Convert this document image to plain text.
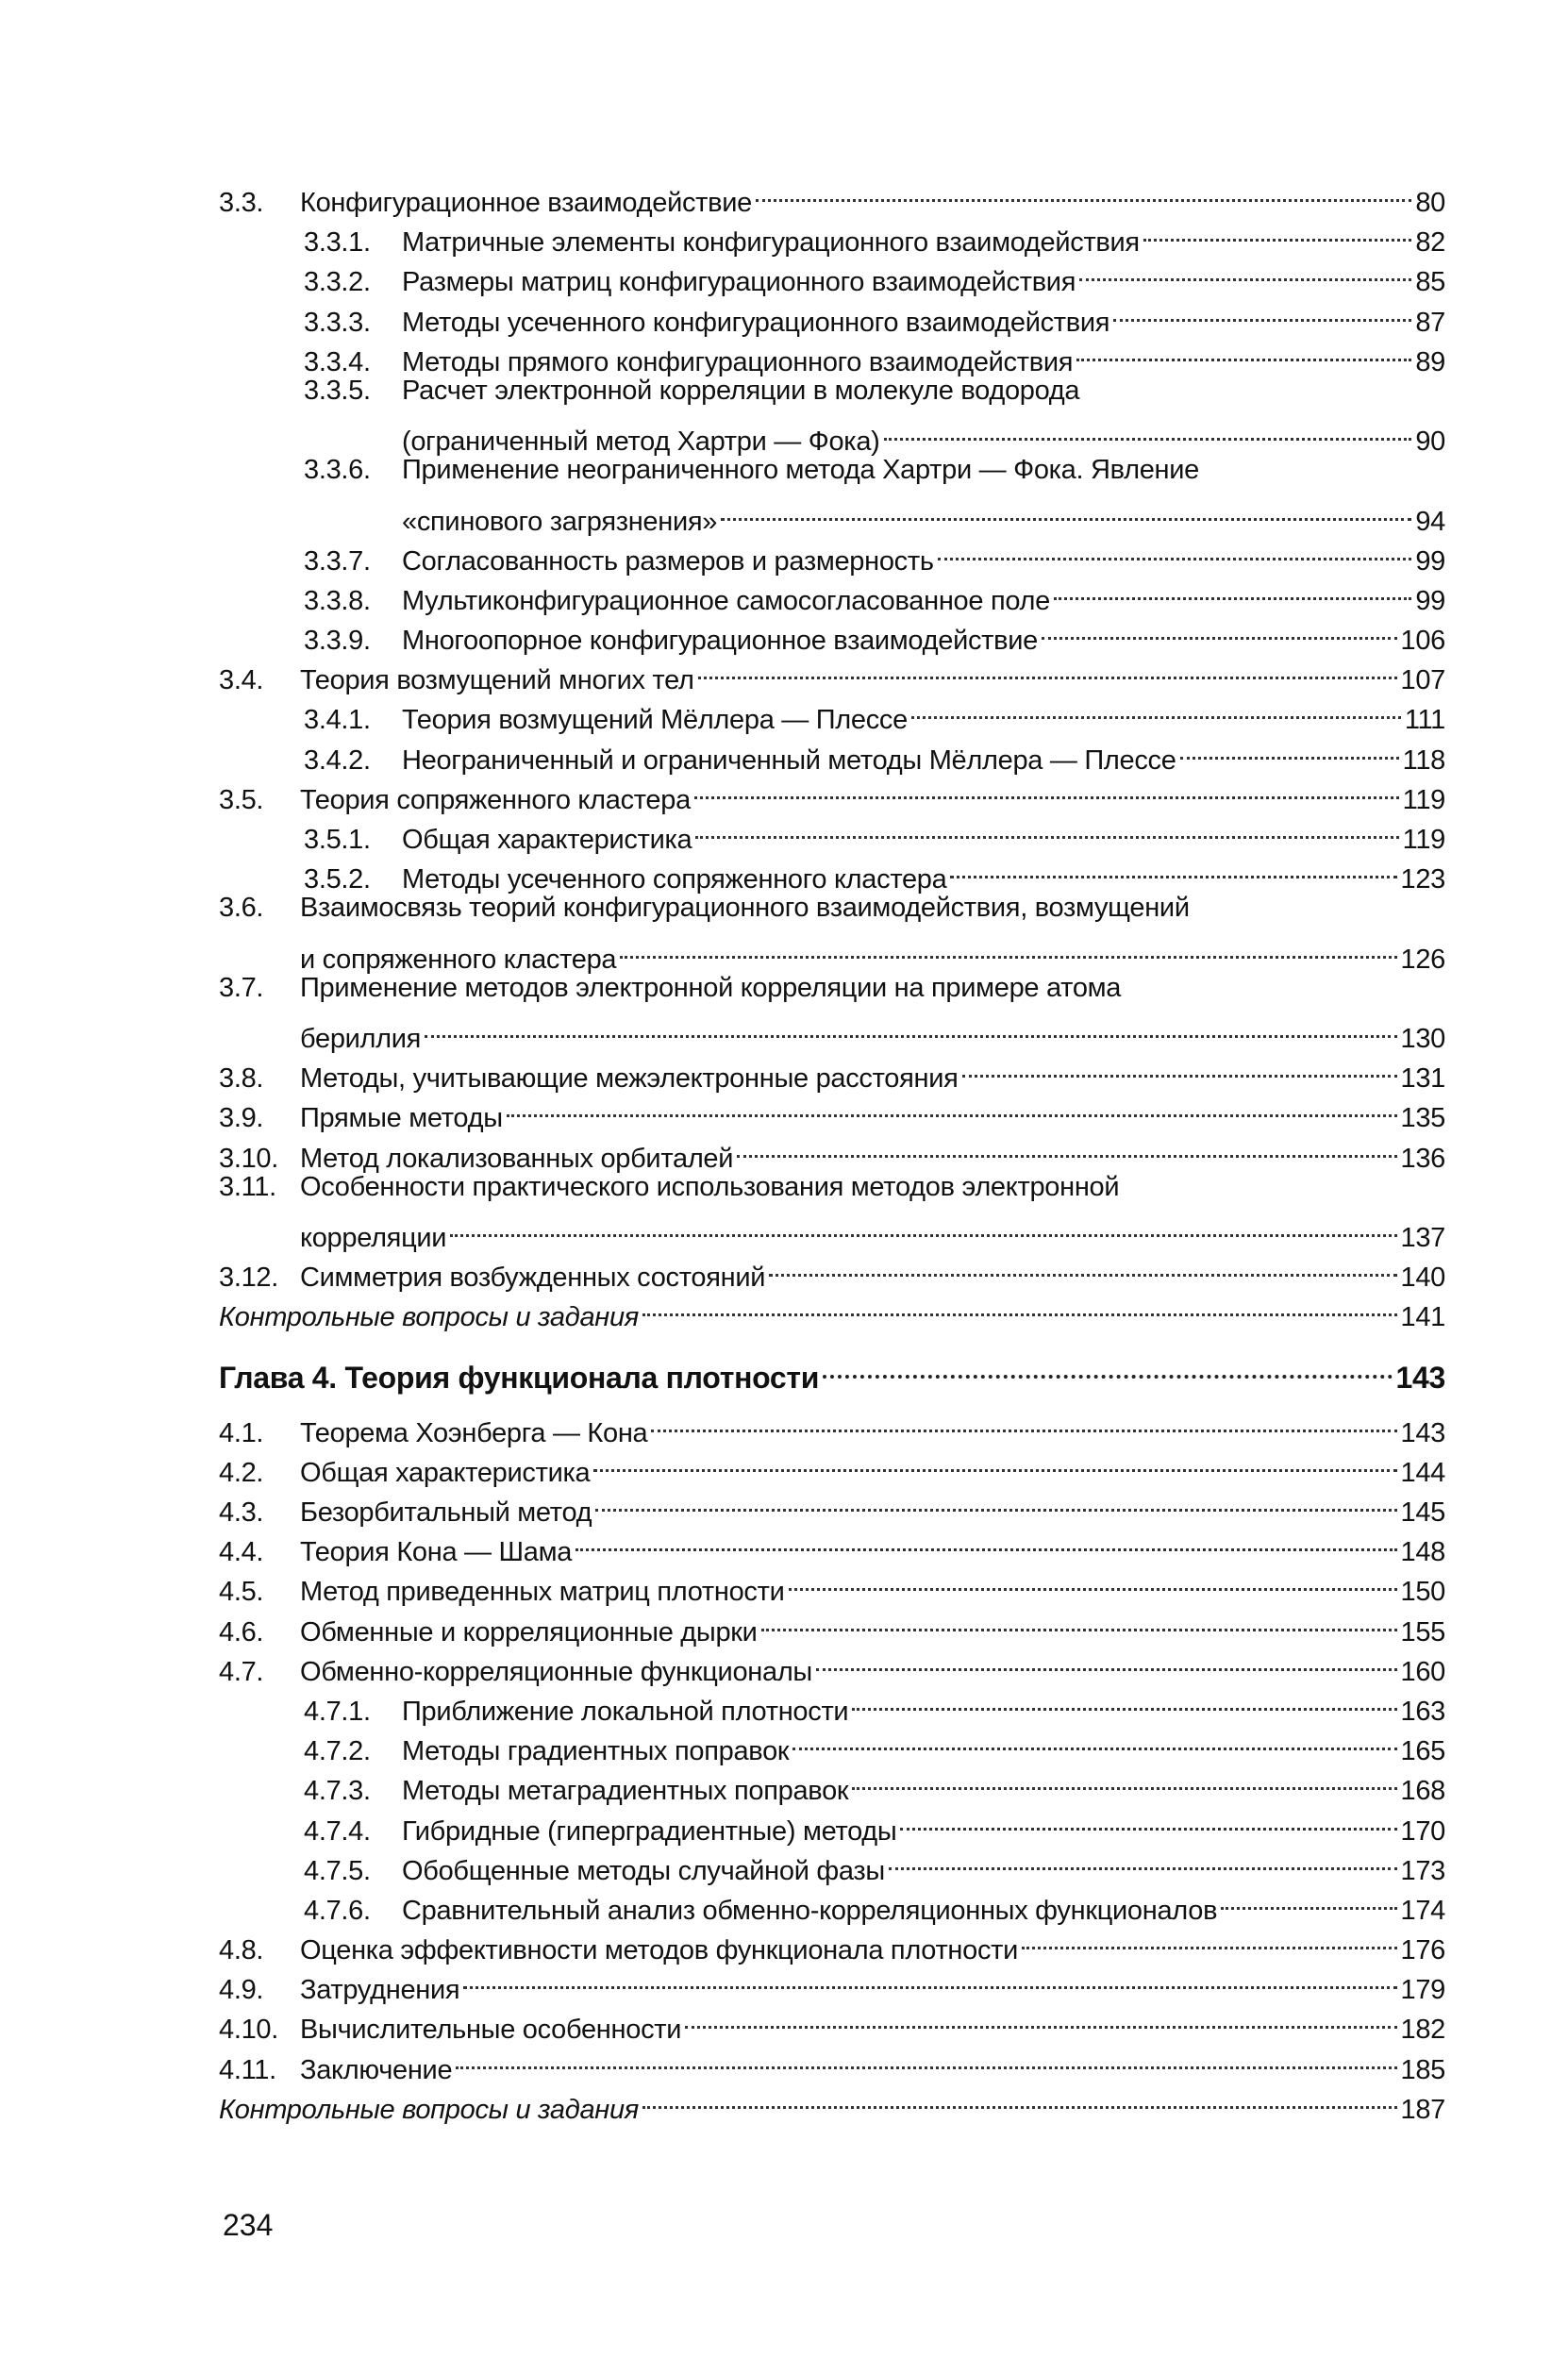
3.3.	Конфигурационное взаимодействие	80
3.3.1.	Матричные элементы конфигурационного взаимодействия	82
3.3.2.	Размеры матриц конфигурационного взаимодействия	85
3.3.3.	Методы усеченного конфигурационного взаимодействия	87
3.3.4.	Методы прямого конфигурационного взаимодействия	89
3.3.5.	Расчет электронной корреляции в молекуле водорода
(ограниченный метод Хартри — Фока)	90
3.3.6.	Применение неограниченного метода Хартри — Фока. Явление
«спинового загрязнения»	94
3.3.7.	Согласованность размеров и размерность	99
3.3.8.	Мультиконфигурационное самосогласованное поле	99
3.3.9.	Многоопорное конфигурационное взаимодействие	106
3.4.	Теория возмущений многих тел	107
3.4.1.	Теория возмущений Мёллера — Плессе	111
3.4.2.	Неограниченный и ограниченный методы Мёллера — Плессе	118
3.5.	Теория сопряженного кластера	119
3.5.1.	Общая характеристика	119
3.5.2.	Методы усеченного сопряженного кластера	123
3.6.	Взаимосвязь теорий конфигурационного взаимодействия, возмущений
и сопряженного кластера	126
3.7.	Применение методов электронной корреляции на примере атома
бериллия	130
3.8.	Методы, учитывающие межэлектронные расстояния	131
3.9.	Прямые методы	135
3.10. Метод локализованных орбиталей	136
3.11. Особенности практического использования методов электронной
корреляции	137
3.12. Симметрия возбужденных состояний	140
Контрольные вопросы и задания	141
Глава 4. Теория функционала плотности	143
4.1.	Теорема Хоэнберга — Кона	143
4.2.	Общая характеристика	144
4.3.	Безорбитальный метод	145
4.4.	Теория Кона — Шама	148
4.5.	Метод приведенных матриц плотности	150
4.6.	Обменные и корреляционные дырки	155
4.7.	Обменно-корреляционные функционалы	160
4.7.1.	Приближение локальной плотности	163
4.7.2.	Методы градиентных поправок	165
4.7.3.	Методы метаградиентных поправок	168
4.7.4.	Гибридные (гиперградиентные) методы	170
4.7.5.	Обобщенные методы случайной фазы	173
4.7.6.	Сравнительный анализ обменно-корреляционных функционалов	174
4.8.	Оценка эффективности методов функционала плотности	176
4.9.	Затруднения	179
4.10. Вычислительные особенности	182
4.11. Заключение	185
Контрольные вопросы и задания	187
234
